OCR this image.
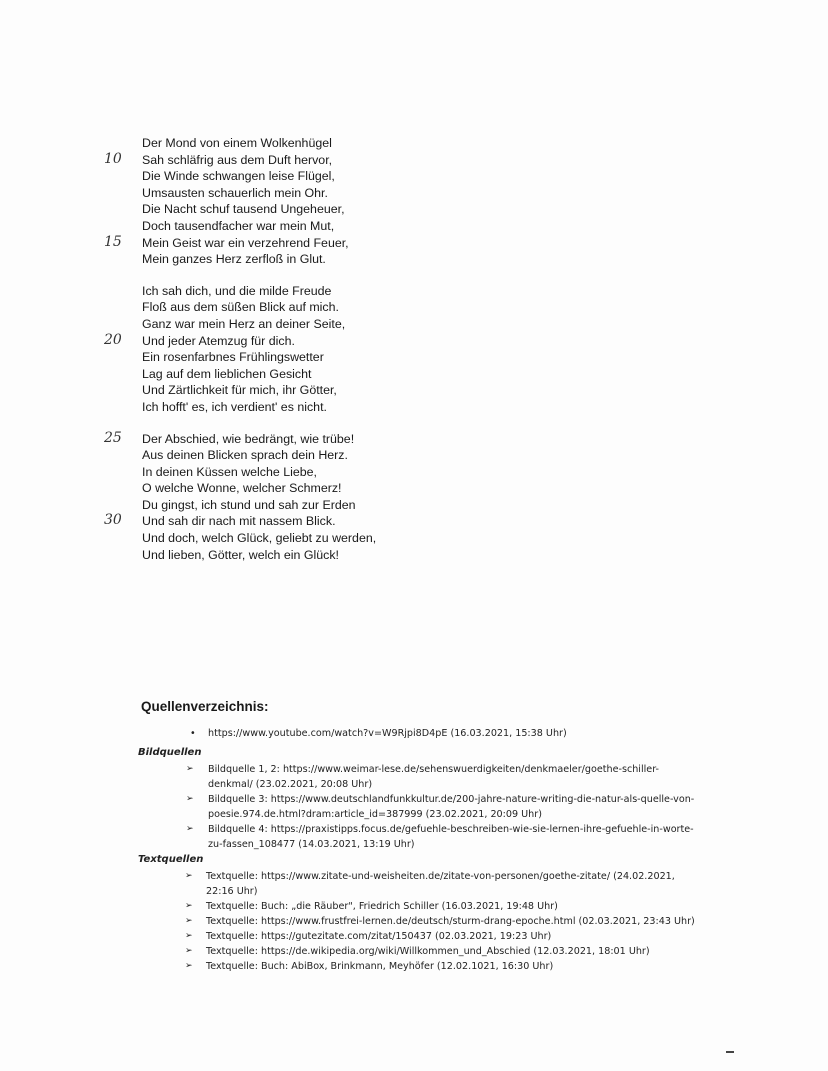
Der Mond von einem Wolkenhügel
10	Sah schläfrig aus dem Duft hervor,
Die Winde schwangen leise Flügel,
Umsausten schauerlich mein Ohr.
Die Nacht schuf tausend Ungeheuer,
Doch tausendfacher war mein Mut,
15	Mein Geist war ein verzehrend Feuer,
Mein ganzes Herz zerfloß in Glut.
Ich sah dich, und die milde Freude
Floß aus dem süßen Blick auf mich.
Ganz war mein Herz an deiner Seite,
20	Und jeder Atemzug für dich.
Ein rosenfarbnes Frühlingswetter
Lag auf dem lieblichen Gesicht
Und Zärtlichkeit für mich, ihr Götter,
Ich hofft' es, ich verdient' es nicht.
25	Der Abschied, wie bedrängt, wie trübe!
Aus deinen Blicken sprach dein Herz.
In deinen Küssen welche Liebe,
O welche Wonne, welcher Schmerz!
Du gingst, ich stund und sah zur Erden
30	Und sah dir nach mit nassem Blick.
Und doch, welch Glück, geliebt zu werden,
Und lieben, Götter, welch ein Glück!
Quellenverzeichnis:
• https://www.youtube.com/watch?v=W9Rjpi8D4pE (16.03.2021, 15:38 Uhr)
Bildquellen
➢ Bildquelle 1, 2: https://www.weimar-lese.de/sehenswuerdigkeiten/denkmaeler/goethe-schiller-denkmal/ (23.02.2021, 20:08 Uhr)
➢ Bildquelle 3: https://www.deutschlandfunkkultur.de/200-jahre-nature-writing-die-natur-als-quelle-von-poesie.974.de.html?dram:article_id=387999 (23.02.2021, 20:09 Uhr)
➢ Bildquelle 4: https://praxistipps.focus.de/gefuehle-beschreiben-wie-sie-lernen-ihre-gefuehle-in-worte-zu-fassen_108477 (14.03.2021, 13:19 Uhr)
Textquellen
➢ Textquelle: https://www.zitate-und-weisheiten.de/zitate-von-personen/goethe-zitate/ (24.02.2021, 22:16 Uhr)
➢ Textquelle: Buch: „die Räuber", Friedrich Schiller (16.03.2021, 19:48 Uhr)
➢ Textquelle: https://www.frustfrei-lernen.de/deutsch/sturm-drang-epoche.html (02.03.2021, 23:43 Uhr)
➢ Textquelle: https://gutezitate.com/zitat/150437 (02.03.2021, 19:23 Uhr)
➢ Textquelle: https://de.wikipedia.org/wiki/Willkommen_und_Abschied (12.03.2021, 18:01 Uhr)
➢ Textquelle: Buch: AbiBox, Brinkmann, Meyhöfer (12.02.1021, 16:30 Uhr)
